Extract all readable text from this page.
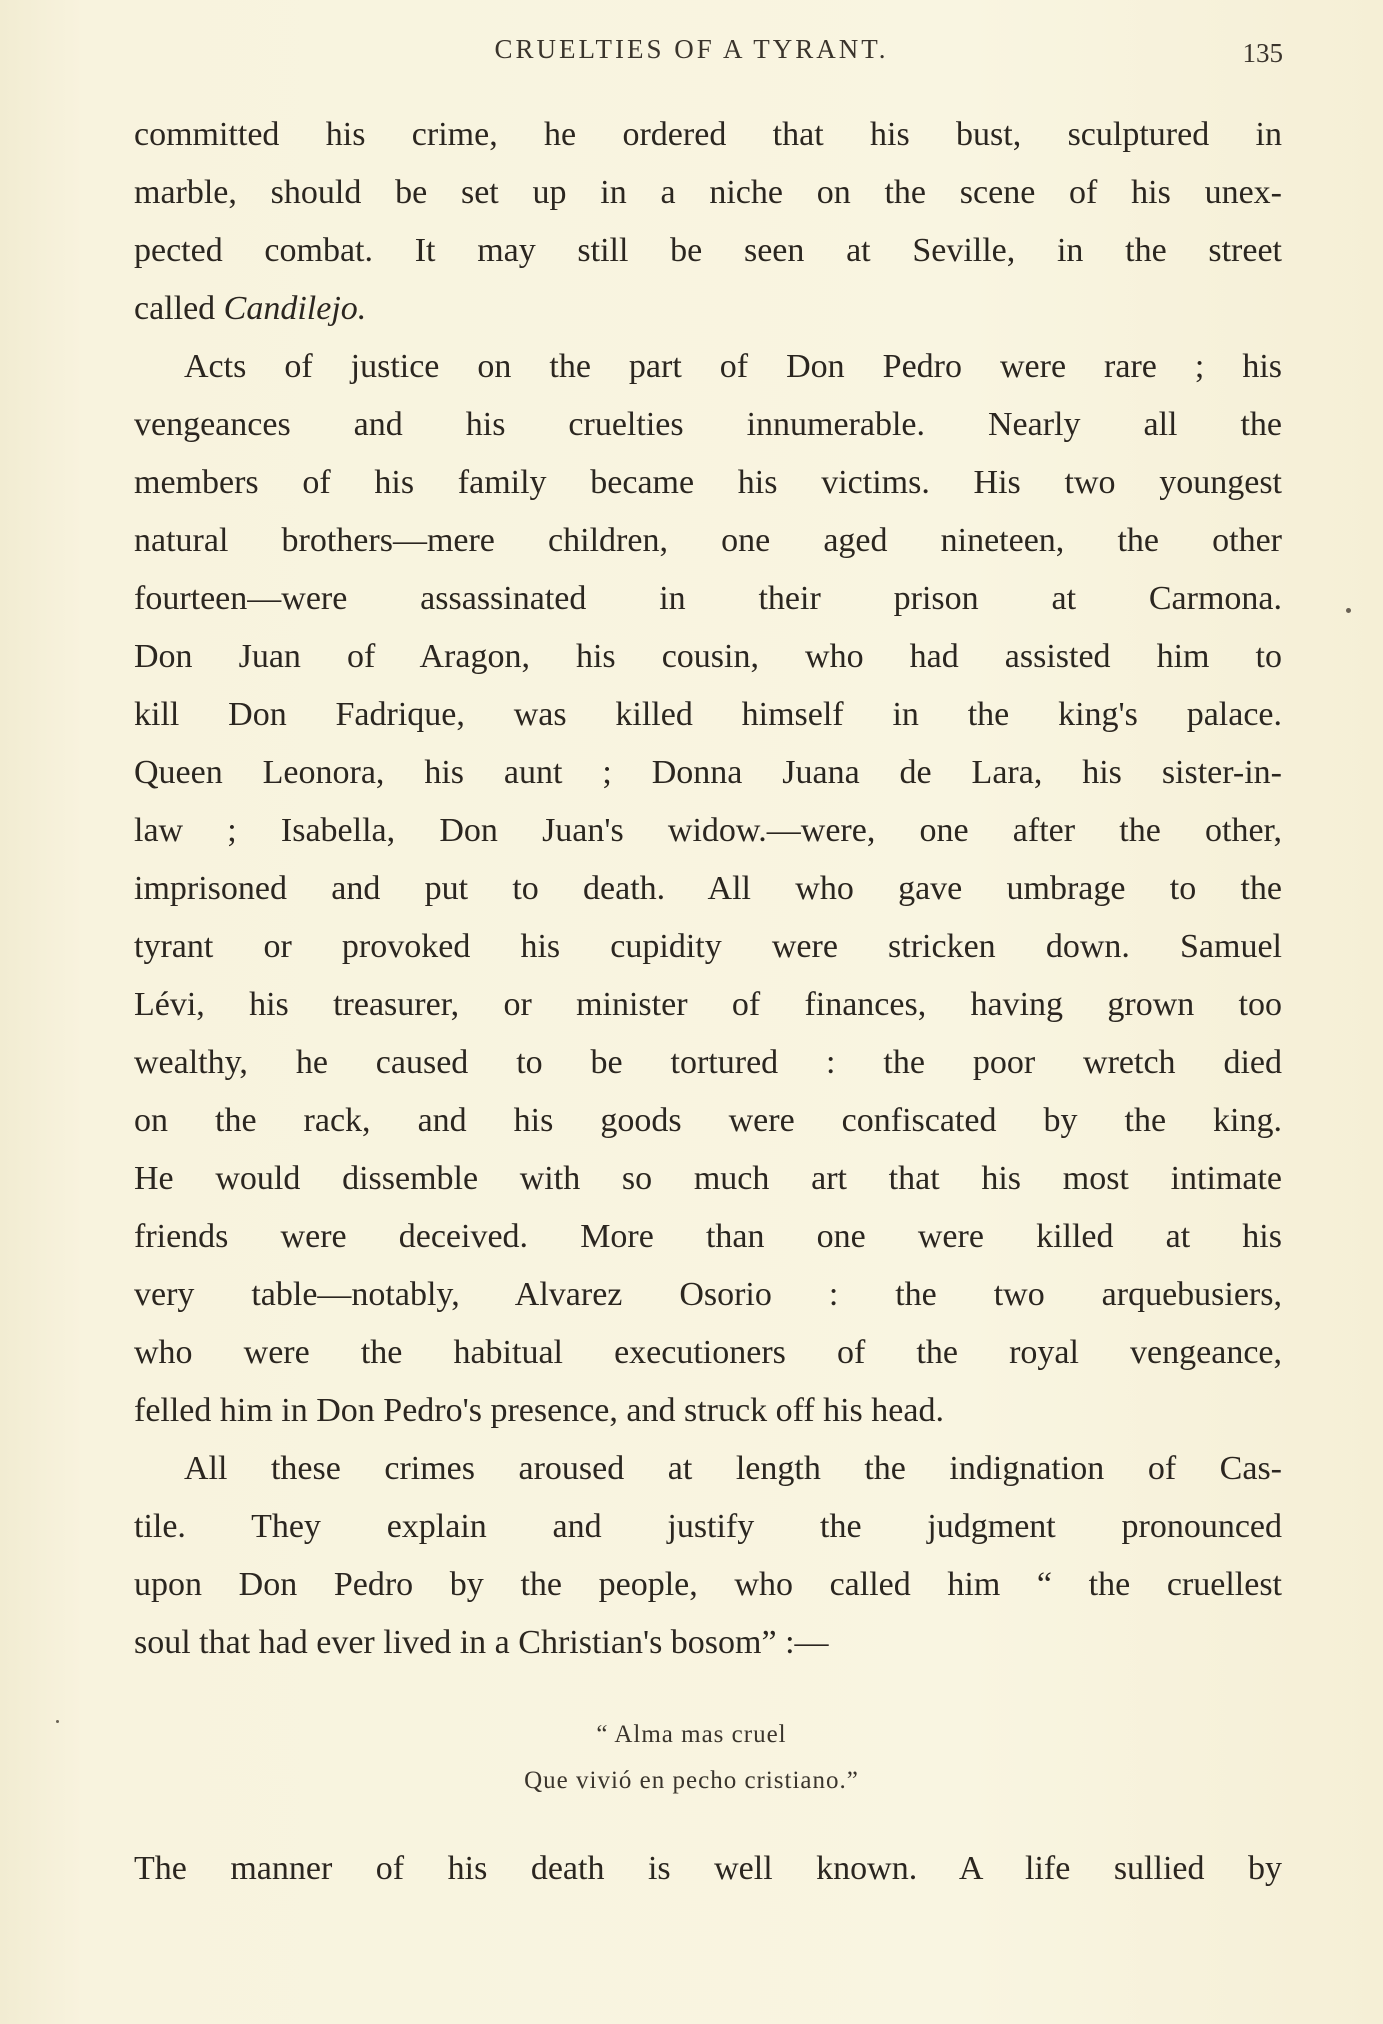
CRUELTIES OF A TYRANT.	135
committed his crime, he ordered that his bust, sculptured in
marble, should be set up in a niche on the scene of his unex-
pected combat. It may still be seen at Seville, in the street
called Candilejo.
Acts of justice on the part of Don Pedro were rare ; his
vengeances and his cruelties innumerable. Nearly all the
members of his family became his victims. His two youngest
natural brothers—mere children, one aged nineteen, the other
fourteen—were assassinated in their prison at Carmona.
Don Juan of Aragon, his cousin, who had assisted him to
kill Don Fadrique, was killed himself in the king's palace.
Queen Leonora, his aunt ; Donna Juana de Lara, his sister-in-
law ; Isabella, Don Juan's widow.—were, one after the other,
imprisoned and put to death. All who gave umbrage to the
tyrant or provoked his cupidity were stricken down. Samuel
Lévi, his treasurer, or minister of finances, having grown too
wealthy, he caused to be tortured : the poor wretch died
on the rack, and his goods were confiscated by the king.
He would dissemble with so much art that his most intimate
friends were deceived. More than one were killed at his
very table—notably, Alvarez Osorio : the two arquebusiers,
who were the habitual executioners of the royal vengeance,
felled him in Don Pedro's presence, and struck off his head.
All these crimes aroused at length the indignation of Cas-
tile. They explain and justify the judgment pronounced
upon Don Pedro by the people, who called him “ the cruellest
soul that had ever lived in a Christian's bosom” :—
“ Alma mas cruel
Que vivió en pecho cristiano.”
The manner of his death is well known. A life sullied by
